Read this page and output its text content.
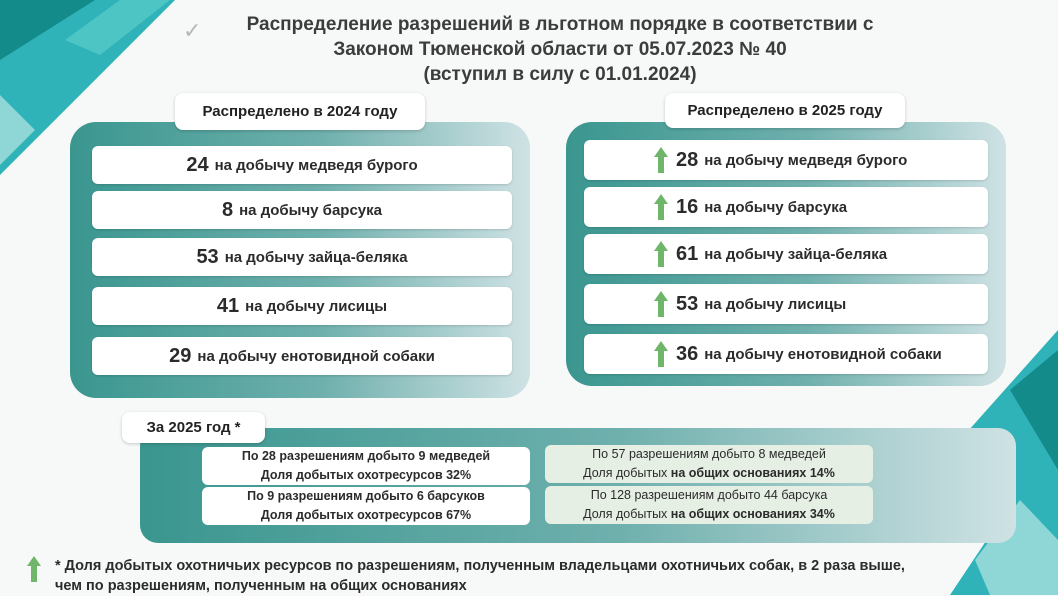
✓	Распределение разрешений в льготном порядке в соответствии с
Законом Тюменской области от 05.07.2023 № 40
(вступил в силу с 01.01.2024)
Распределено в 2024 году
24 на добычу медведя бурого
8 на добычу барсука
53 на добычу зайца-беляка
41 на добычу лисицы
29 на добычу енотовидной собаки
Распределено в 2025 году
28 на добычу медведя бурого
16 на добычу барсука
61 на добычу зайца-беляка
53 на добычу лисицы
36 на добычу енотовидной собаки
За 2025 год *
По 28 разрешениям добыто 9 медведей
Доля добытых охотресурсов 32%
По 9 разрешениям добыто 6 барсуков
Доля добытых охотресурсов 67%
По 57 разрешениям добыто 8 медведей
Доля добытых на общих основаниях 14%
По 128 разрешениям добыто 44 барсука
Доля добытых на общих основаниях 34%
* Доля добытых охотничьих ресурсов по разрешениям, полученным владельцами охотничьих собак, в 2 раза выше, чем по разрешениям, полученным на общих основаниях
